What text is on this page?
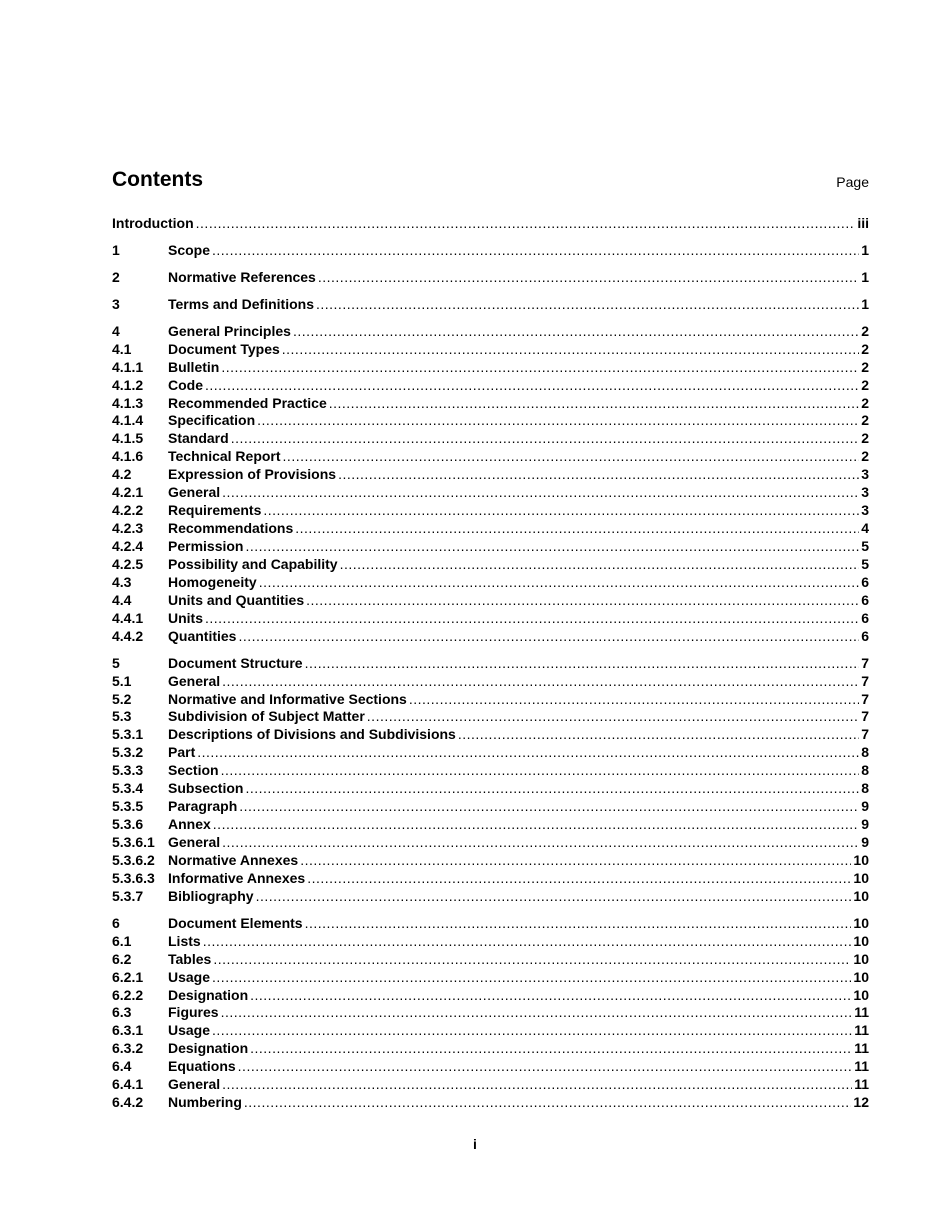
Contents	Page
Introduction .....	iii
1	Scope .....	1
2	Normative References .....	1
3	Terms and Definitions .....	1
4	General Principles .....	2
4.1	Document Types .....	2
4.1.1	Bulletin .....	2
4.1.2	Code .....	2
4.1.3	Recommended Practice .....	2
4.1.4	Specification .....	2
4.1.5	Standard .....	2
4.1.6	Technical Report .....	2
4.2	Expression of Provisions .....	3
4.2.1	General .....	3
4.2.2	Requirements .....	3
4.2.3	Recommendations .....	4
4.2.4	Permission .....	5
4.2.5	Possibility and Capability .....	5
4.3	Homogeneity .....	6
4.4	Units and Quantities .....	6
4.4.1	Units .....	6
4.4.2	Quantities .....	6
5	Document Structure .....	7
5.1	General .....	7
5.2	Normative and Informative Sections .....	7
5.3	Subdivision of Subject Matter .....	7
5.3.1	Descriptions of Divisions and Subdivisions .....	7
5.3.2	Part .....	8
5.3.3	Section .....	8
5.3.4	Subsection .....	8
5.3.5	Paragraph .....	9
5.3.6	Annex .....	9
5.3.6.1 General .....	9
5.3.6.2 Normative Annexes .....	10
5.3.6.3 Informative Annexes .....	10
5.3.7	Bibliography .....	10
6	Document Elements .....	10
6.1	Lists .....	10
6.2	Tables .....	10
6.2.1	Usage .....	10
6.2.2	Designation .....	10
6.3	Figures .....	11
6.3.1	Usage .....	11
6.3.2	Designation .....	11
6.4	Equations .....	11
6.4.1	General .....	11
6.4.2	Numbering .....	12
i
